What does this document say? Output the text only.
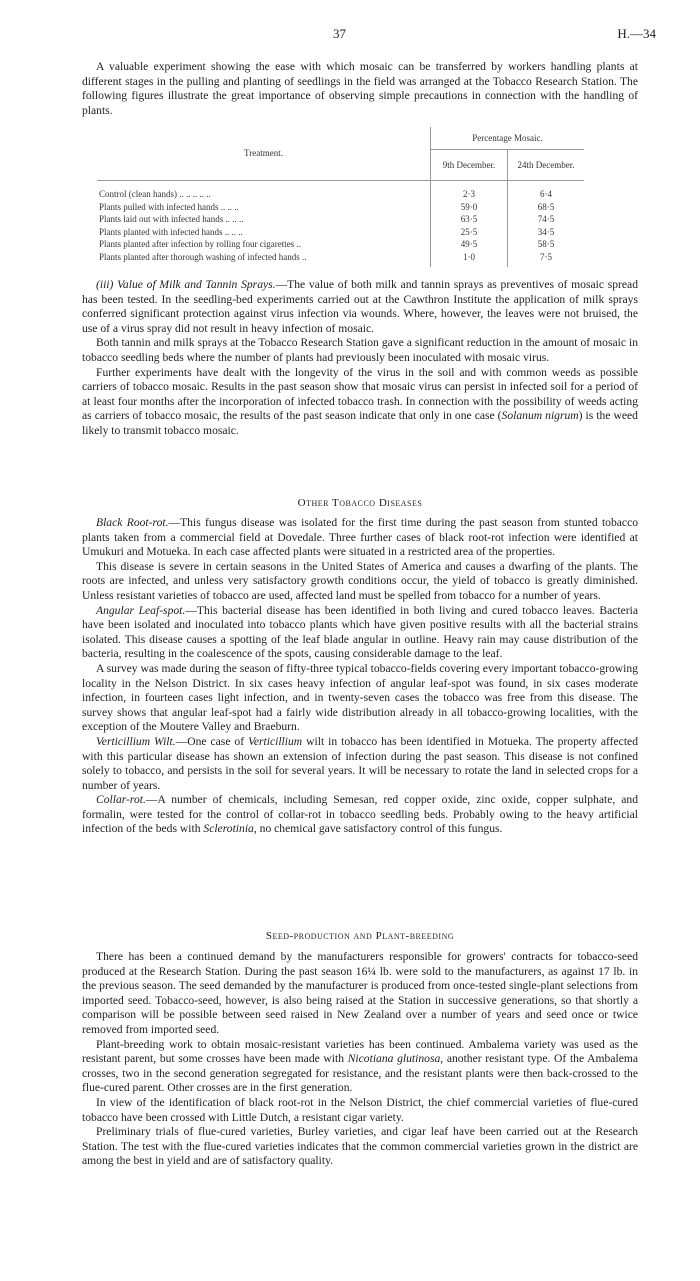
37	H.—34

A valuable experiment showing the ease with which mosaic can be transferred by workers handling plants at different stages in the pulling and planting of seedlings in the field was arranged at the Tobacco Research Station. The following figures illustrate the great importance of observing simple precautions in connection with the handling of plants.

Treatment.	Percentage Mosaic.	
	9th December.	24th December.
Control (clean hands) .. .. .. .. ..	2·3	6·4
Plants pulled with infected hands .. .. ..	59·0	68·5
Plants laid out with infected hands .. .. ..	63·5	74·5
Plants planted with infected hands .. .. ..	25·5	34·5
Plants planted after infection by rolling four cigarettes ..	49·5	58·5
Plants planted after thorough washing of infected hands ..	1·0	7·5

(iii) Value of Milk and Tannin Sprays.—The value of both milk and tannin sprays as preventives of mosaic spread has been tested. In the seedling-bed experiments carried out at the Cawthron Institute the application of milk sprays conferred significant protection against virus infection via wounds. Where, however, the leaves were not bruised, the use of a virus spray did not result in heavy infection of mosaic.

Both tannin and milk sprays at the Tobacco Research Station gave a significant reduction in the amount of mosaic in tobacco seedling beds where the number of plants had previously been inoculated with mosaic virus.

Further experiments have dealt with the longevity of the virus in the soil and with common weeds as possible carriers of tobacco mosaic. Results in the past season show that mosaic virus can persist in infected soil for a period of at least four months after the incorporation of infected tobacco trash. In connection with the possibility of weeds acting as carriers of tobacco mosaic, the results of the past season indicate that only in one case (Solanum nigrum) is the weed likely to transmit tobacco mosaic.

Other Tobacco Diseases

Black Root-rot.—This fungus disease was isolated for the first time during the past season from stunted tobacco plants taken from a commercial field at Dovedale. Three further cases of black root-rot infection were identified at Umukuri and Motueka. In each case affected plants were situated in a restricted area of the properties.

This disease is severe in certain seasons in the United States of America and causes a dwarfing of the plants. The roots are infected, and unless very satisfactory growth conditions occur, the yield of tobacco is greatly diminished. Unless resistant varieties of tobacco are used, affected land must be spelled from tobacco for a number of years.

Angular Leaf-spot.—This bacterial disease has been identified in both living and cured tobacco leaves. Bacteria have been isolated and inoculated into tobacco plants which have given positive results with all the bacterial strains isolated. This disease causes a spotting of the leaf blade angular in outline. Heavy rain may cause distribution of the bacteria, resulting in the coalescence of the spots, causing considerable damage to the leaf.

A survey was made during the season of fifty-three typical tobacco-fields covering every important tobacco-growing locality in the Nelson District. In six cases heavy infection of angular leaf-spot was found, in six cases moderate infection, in fourteen cases light infection, and in twenty-seven cases the tobacco was free from this disease. The survey shows that angular leaf-spot had a fairly wide distribution already in all tobacco-growing localities, with the exception of the Moutere Valley and Braeburn.

Verticillium Wilt.—One case of Verticillium wilt in tobacco has been identified in Motueka. The property affected with this particular disease has shown an extension of infection during the past season. This disease is not confined solely to tobacco, and persists in the soil for several years. It will be necessary to rotate the land in selected crops for a number of years.

Collar-rot.—A number of chemicals, including Semesan, red copper oxide, zinc oxide, copper sulphate, and formalin, were tested for the control of collar-rot in tobacco seedling beds. Probably owing to the heavy artificial infection of the beds with Sclerotinia, no chemical gave satisfactory control of this fungus.

Seed-production and Plant-breeding

There has been a continued demand by the manufacturers responsible for growers' contracts for tobacco-seed produced at the Research Station. During the past season 16¼ lb. were sold to the manufacturers, as against 17 lb. in the previous season. The seed demanded by the manufacturer is produced from once-tested single-plant selections from imported seed. Tobacco-seed, however, is also being raised at the Station in successive generations, so that shortly a comparison will be possible between seed raised in New Zealand over a number of years and seed once or twice removed from imported seed.

Plant-breeding work to obtain mosaic-resistant varieties has been continued. Ambalema variety was used as the resistant parent, but some crosses have been made with Nicotiana glutinosa, another resistant type. Of the Ambalema crosses, two in the second generation segregated for resistance, and the resistant plants were then back-crossed to the flue-cured parent. Other crosses are in the first generation.

In view of the identification of black root-rot in the Nelson District, the chief commercial varieties of flue-cured tobacco have been crossed with Little Dutch, a resistant cigar variety.

Preliminary trials of flue-cured varieties, Burley varieties, and cigar leaf have been carried out at the Research Station. The test with the flue-cured varieties indicates that the common commercial varieties grown in the district are among the best in yield and are of satisfactory quality.
